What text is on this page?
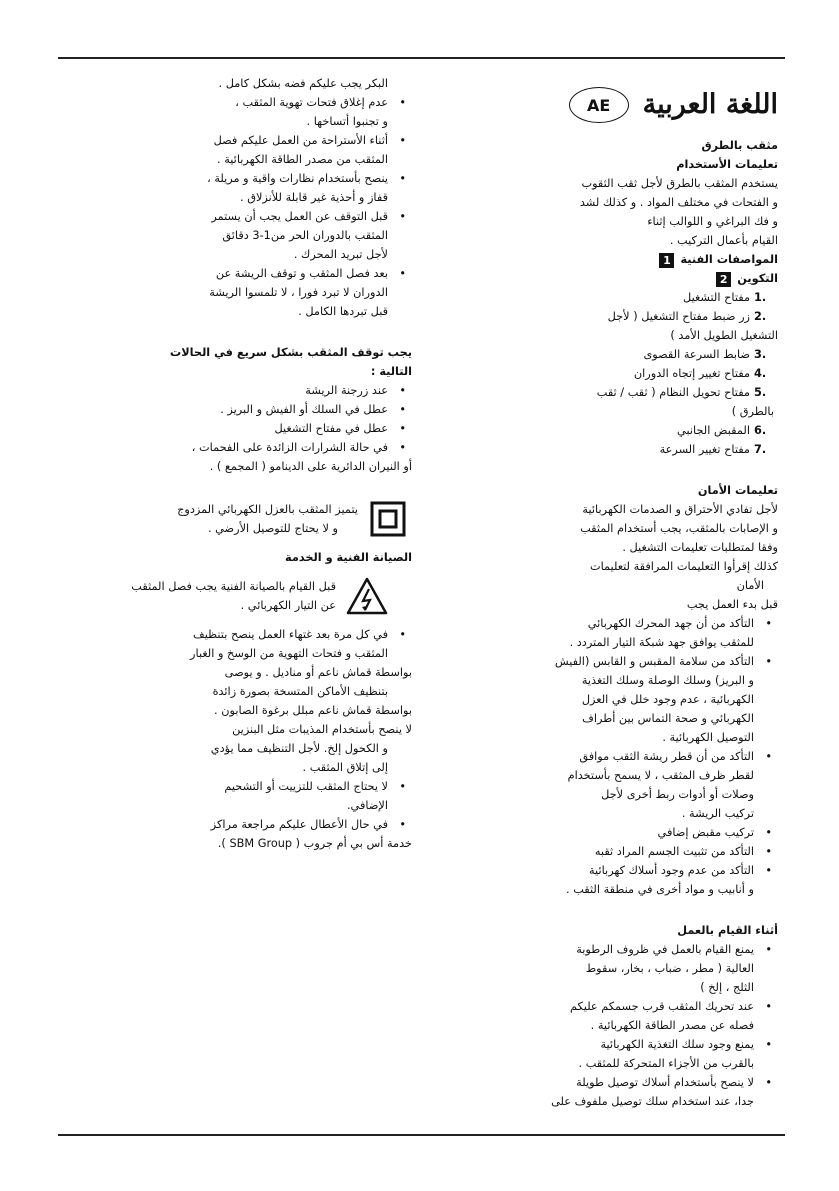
اللغة العربية
AE

مثقب بالطرق

تعليمات الأستخدام

يستخدم المثقب بالطرق لأجل ثقب الثقوب

و الفتحات في مختلف المواد . و كذلك لشد

و فك البراغي و اللوالب إثناء

القيام بأعمال التركيب .

المواصفات الفنية1

التكوين2

1.مفتاح التشغيل
2.زر ضبط مفتاح التشغيل ( لأجل
التشغيل الطويل الأمد )
3.ضابط السرعة القصوى
4.مفتاح تغيير إتجاه الدوران
5.مفتاح تحويل النظام ( ثقب / ثقب
بالطرق )
6.المقبض الجانبي
7.مفتاح تغيير السرعة

تعليمات الأمان

لأجل تفادي الأحتراق و الصدمات الكهربائية

و الإصابات بالمثقب، يجب أستخدام المثقب

وفقا لمتطلبات تعليمات التشغيل .

كذلك إقرأوا التعليمات المرافقة لتعليمات

الأمان

قبل بدء العمل يجب

• التأكد من أن جهد المحرك الكهربائي
للمثقب يوافق جهد شبكة التيار المتردد .
• التأكد من سلامة المقبس و القابس (الفيش
و البريز) وسلك الوصلة وسلك التغذية
الكهربائية ، عدم وجود خلل في العزل
الكهربائي و صحة التماس بين أطراف
التوصيل الكهربائية .
• التأكد من أن قطر ريشة الثقب موافق
لقطر ظرف المثقب ، لا يسمح بأستخدام
وصلات أو أدوات ربط أخرى لأجل
تركيب الريشة .
• تركيب مقبض إضافي
• التأكد من تثبيت الجسم المراد ثقبه
• التأكد من عدم وجود أسلاك كهربائية
و أنابيب و مواد أخرى في منطقة الثقب .

أثناء القيام بالعمل

• يمنع القيام بالعمل في ظروف الرطوبة
العالية ( مطر ، ضباب ، بخار، سقوط
الثلج ، إلخ )
• عند تحريك المثقب قرب جسمكم عليكم
فصله عن مصدر الطاقة الكهربائية .
• يمنع وجود سلك التغذية الكهربائية
بالقرب من الأجزاء المتحركة للمثقب .
• لا ينصح بأستخدام أسلاك توصيل طويلة
جدا، عند استخدام سلك توصيل ملفوف على

البكر يجب عليكم فضه بشكل كامل .

• عدم إغلاق فتحات تهوية المثقب ،
و تجنبوا أتساخها .
• أثناء الأستراحة من العمل عليكم فصل
المثقب من مصدر الطاقة الكهربائية .
• ينصح بأستخدام نظارات واقية و مريلة ،
قفاز و أحذية غير قابلة للأنزلاق .
• قبل التوقف عن العمل يجب أن يستمر
المثقب بالدوران الحر من1-3 دقائق
لأجل تبريد المحرك .
• بعد فصل المثقب و توقف الريشة عن
الدوران لا تبرد فورا ، لا تلمسوا الريشة
قبل تبردها الكامل .

يجب توقف المثقب بشكل سريع في الحالات
التالية :

• عند زرجنة الريشة
• عطل في السلك أو الفيش و البريز .
• عطل في مفتاح التشغيل
• في حالة الشرارات الزائدة على الفحمات ،
أو النيران الدائرية على الدينامو ( المجمع ) .

يتميز المثقب بالعزل الكهربائي المزدوج

و لا يحتاج للتوصيل الأرضي .

الصيانة الفنية و الخدمة

قبل القيام بالصيانة الفنية يجب فصل المثقب

عن التيار الكهربائي .

• في كل مرة بعد غتهاء العمل ينصح بتنظيف
المثقب و فتحات التهوية من الوسخ و الغبار
بواسطة قماش ناعم أو مناديل . و يوصى
بتنظيف الأماكن المتسخة بصورة زائدة
بواسطة قماش ناعم مبلل برغوة الصابون .
لا ينصح بأستخدام المذيبات مثل البنزين
و الكحول إلخ. لأجل التنظيف مما يؤدي
إلى إتلاق المثقب .
• لا يحتاج المثقب للتزييت أو التشحيم
الإضافي.
• في حال الأعطال عليكم مراجعة مراكز
خدمة أس بي أم جروب ( SBM Group ).
